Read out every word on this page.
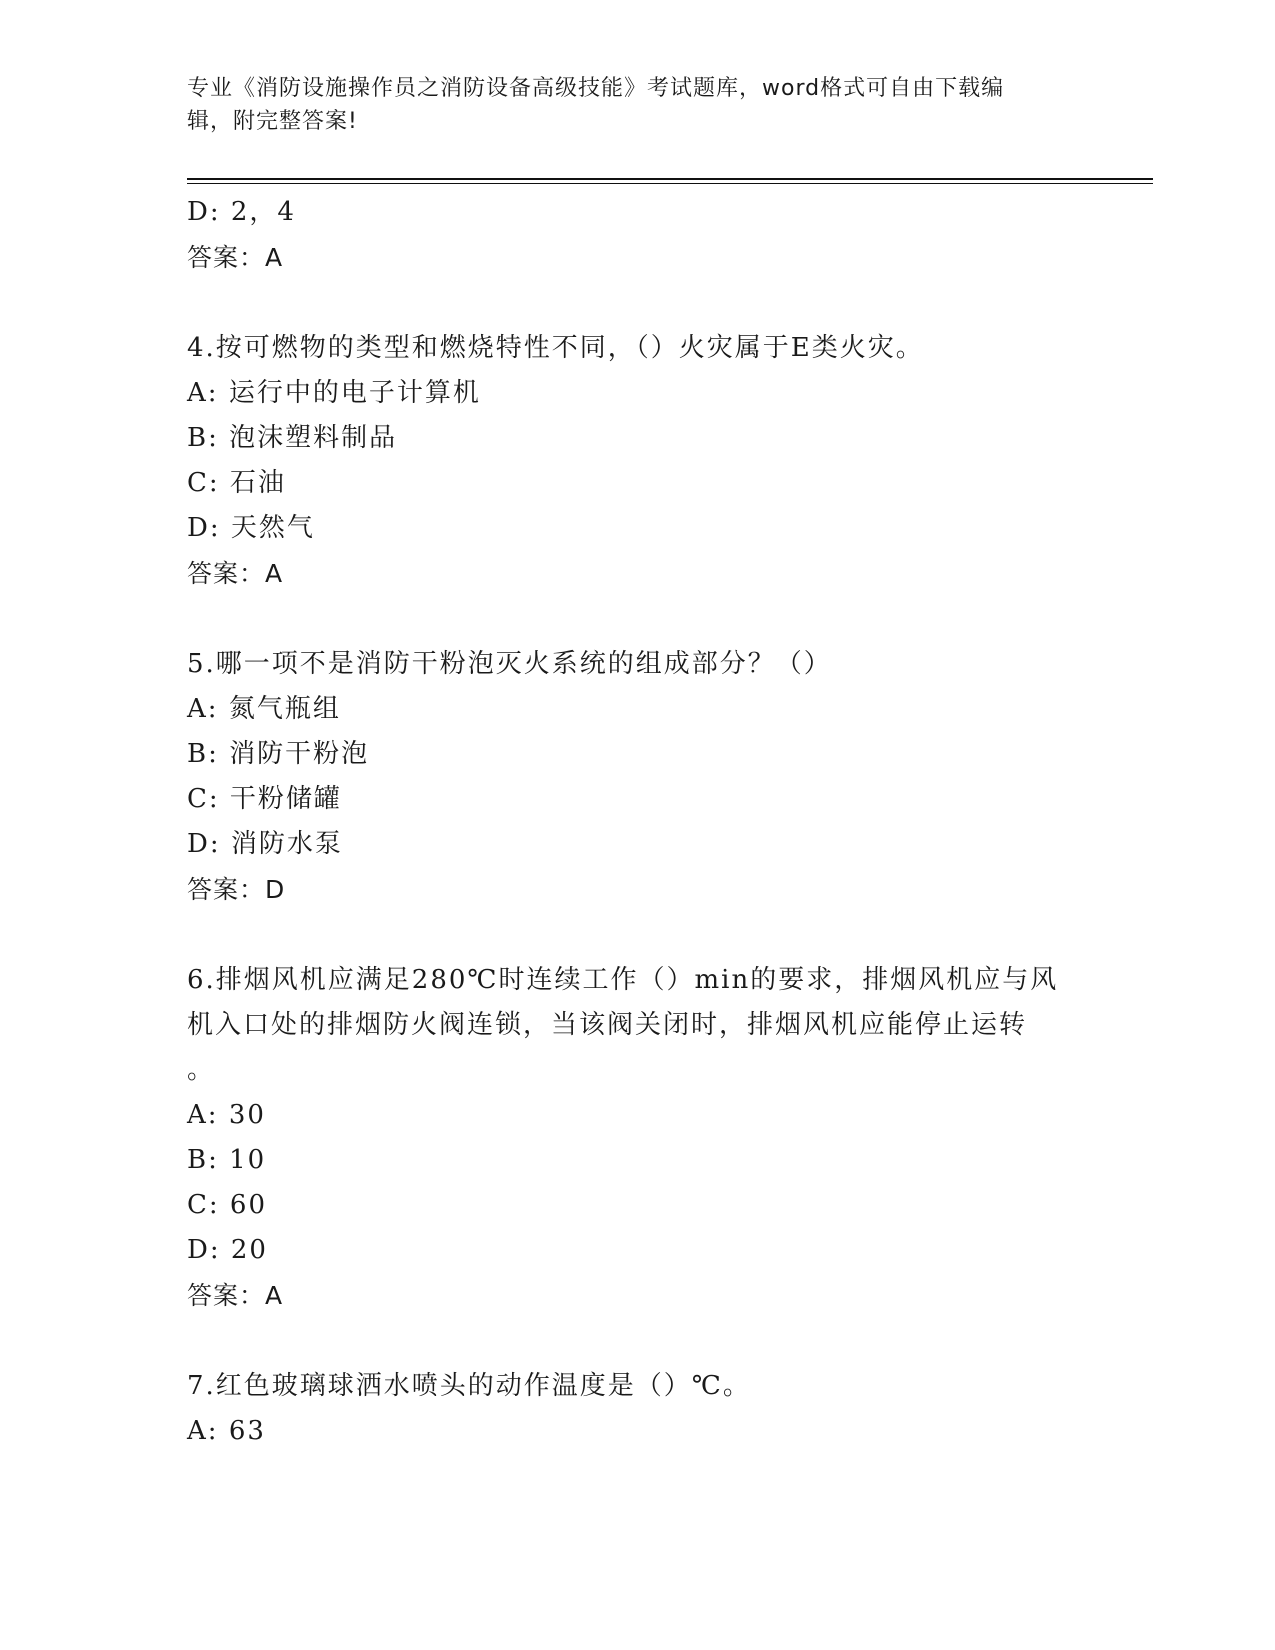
专业《消防设施操作员之消防设备高级技能》考试题库，word格式可自由下载编
辑，附完整答案!
D: 2，4
答案：A
4.按可燃物的类型和燃烧特性不同，（）火灾属于E类火灾。
A: 运行中的电子计算机
B: 泡沫塑料制品
C: 石油
D: 天然气
答案：A
5.哪一项不是消防干粉泡灭火系统的组成部分？（）
A: 氮气瓶组
B: 消防干粉泡
C: 干粉储罐
D: 消防水泵
答案：D
6.排烟风机应满足280℃时连续工作（）min的要求，排烟风机应与风
机入口处的排烟防火阀连锁，当该阀关闭时，排烟风机应能停止运转
。
A: 30
B: 10
C: 60
D: 20
答案：A
7.红色玻璃球洒水喷头的动作温度是（）℃。
A: 63
